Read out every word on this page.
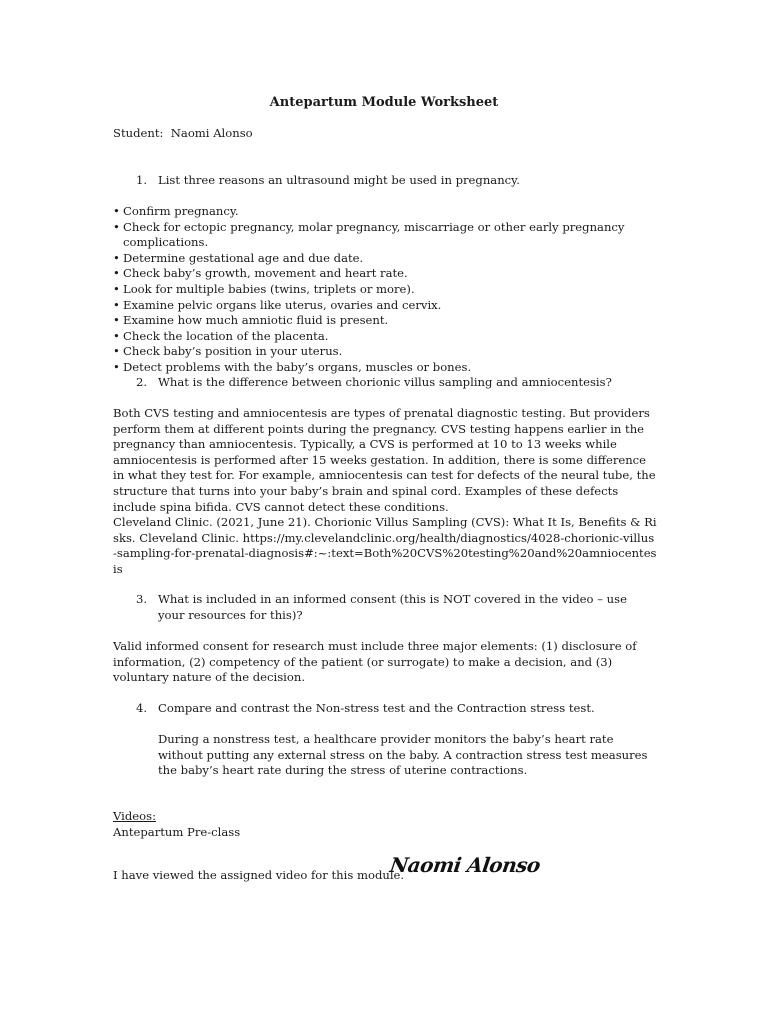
Antepartum Module Worksheet

Student: Naomi Alonso

1. List three reasons an ultrasound might be used in pregnancy.
• Confirm pregnancy.
• Check for ectopic pregnancy, molar pregnancy, miscarriage or other early pregnancy complications.
• Determine gestational age and due date.
• Check baby’s growth, movement and heart rate.
• Look for multiple babies (twins, triplets or more).
• Examine pelvic organs like uterus, ovaries and cervix.
• Examine how much amniotic fluid is present.
• Check the location of the placenta.
• Check baby’s position in your uterus.
• Detect problems with the baby’s organs, muscles or bones.
2. What is the difference between chorionic villus sampling and amniocentesis?

Both CVS testing and amniocentesis are types of prenatal diagnostic testing. But providers perform them at different points during the pregnancy. CVS testing happens earlier in the pregnancy than amniocentesis. Typically, a CVS is performed at 10 to 13 weeks while amniocentesis is performed after 15 weeks gestation. In addition, there is some difference in what they test for. For example, amniocentesis can test for defects of the neural tube, the structure that turns into your baby’s brain and spinal cord. Examples of these defects include spina bifida. CVS cannot detect these conditions.

Cleveland Clinic. (2021, June 21). Chorionic Villus Sampling (CVS): What It Is, Benefits & Risks. Cleveland Clinic. https://my.clevelandclinic.org/health/diagnostics/4028-chorionic-villus-sampling-for-prenatal-diagnosis#:~:text=Both%20CVS%20testing%20and%20amniocentesis

3. What is included in an informed consent (this is NOT covered in the video – use your resources for this)?

Valid informed consent for research must include three major elements: (1) disclosure of information, (2) competency of the patient (or surrogate) to make a decision, and (3) voluntary nature of the decision.

4. Compare and contrast the Non-stress test and the Contraction stress test.

During a nonstress test, a healthcare provider monitors the baby’s heart rate without putting any external stress on the baby. A contraction stress test measures the baby’s heart rate during the stress of uterine contractions.

Videos:

Antepartum Pre-class

I have viewed the assigned video for this module.

Naomi Alonso
